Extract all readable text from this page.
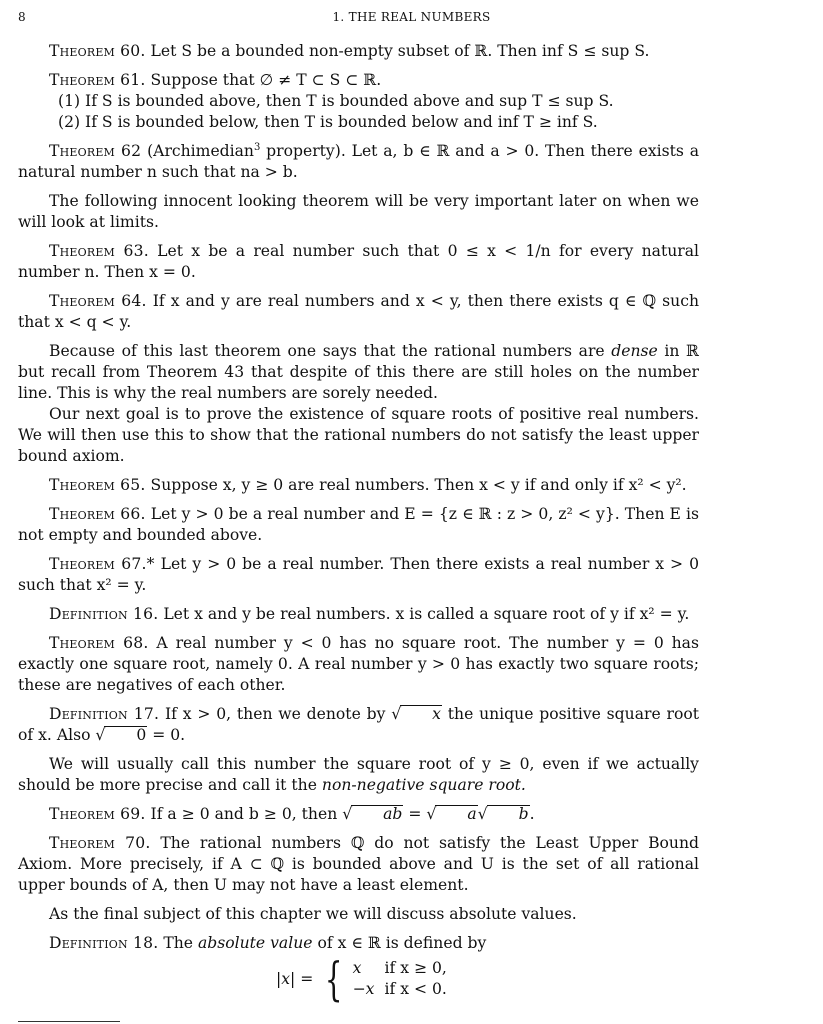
8	1. THE REAL NUMBERS

Theorem 60. Let S be a bounded non-empty subset of ℝ. Then inf S ≤ sup S.

Theorem 61. Suppose that ∅ ≠ T ⊂ S ⊂ ℝ.

(1) If S is bounded above, then T is bounded above and sup T ≤ sup S.

(2) If S is bounded below, then T is bounded below and inf T ≥ inf S.

Theorem 62 (Archimedian$^3$ property). Let a, b ∈ ℝ and a > 0. Then there exists a natural number n such that na > b.

The following innocent looking theorem will be very important later on when we will look at limits.

Theorem 63. Let x be a real number such that 0 ≤ x < 1/n for every natural number n. Then x = 0.

Theorem 64. If x and y are real numbers and x < y, then there exists q ∈ ℚ such that x < q < y.

Because of this last theorem one says that the rational numbers are dense in ℝ but recall from Theorem 43 that despite of this there are still holes on the number line. This is why the real numbers are sorely needed.

Our next goal is to prove the existence of square roots of positive real numbers. We will then use this to show that the rational numbers do not satisfy the least upper bound axiom.

Theorem 65. Suppose x, y ≥ 0 are real numbers. Then x < y if and only if x² < y².

Theorem 66. Let y > 0 be a real number and E = {z ∈ ℝ : z > 0, z² < y}. Then E is not empty and bounded above.

Theorem 67.* Let y > 0 be a real number. Then there exists a real number x > 0 such that x² = y.

Definition 16. Let x and y be real numbers. x is called a square root of y if x² = y.

Theorem 68. A real number y < 0 has no square root. The number y = 0 has exactly one square root, namely 0. A real number y > 0 has exactly two square roots; these are negatives of each other.

Definition 17. If x > 0, then we denote by √ x the unique positive square root of x. Also √ 0 = 0.

We will usually call this number the square root of y ≥ 0, even if we actually should be more precise and call it the non-negative square root.

Theorem 69. If a ≥ 0 and b ≥ 0, then √ ab = √ a√ b.

Theorem 70. The rational numbers ℚ do not satisfy the Least Upper Bound Axiom. More precisely, if A ⊂ ℚ is bounded above and U is the set of all rational upper bounds of A, then U may not have a least element.

As the final subject of this chapter we will discuss absolute values.

Definition 18. The absolute value of x ∈ ℝ is defined by

|x| = { x	if x ≥ 0,
−x	if x < 0.
